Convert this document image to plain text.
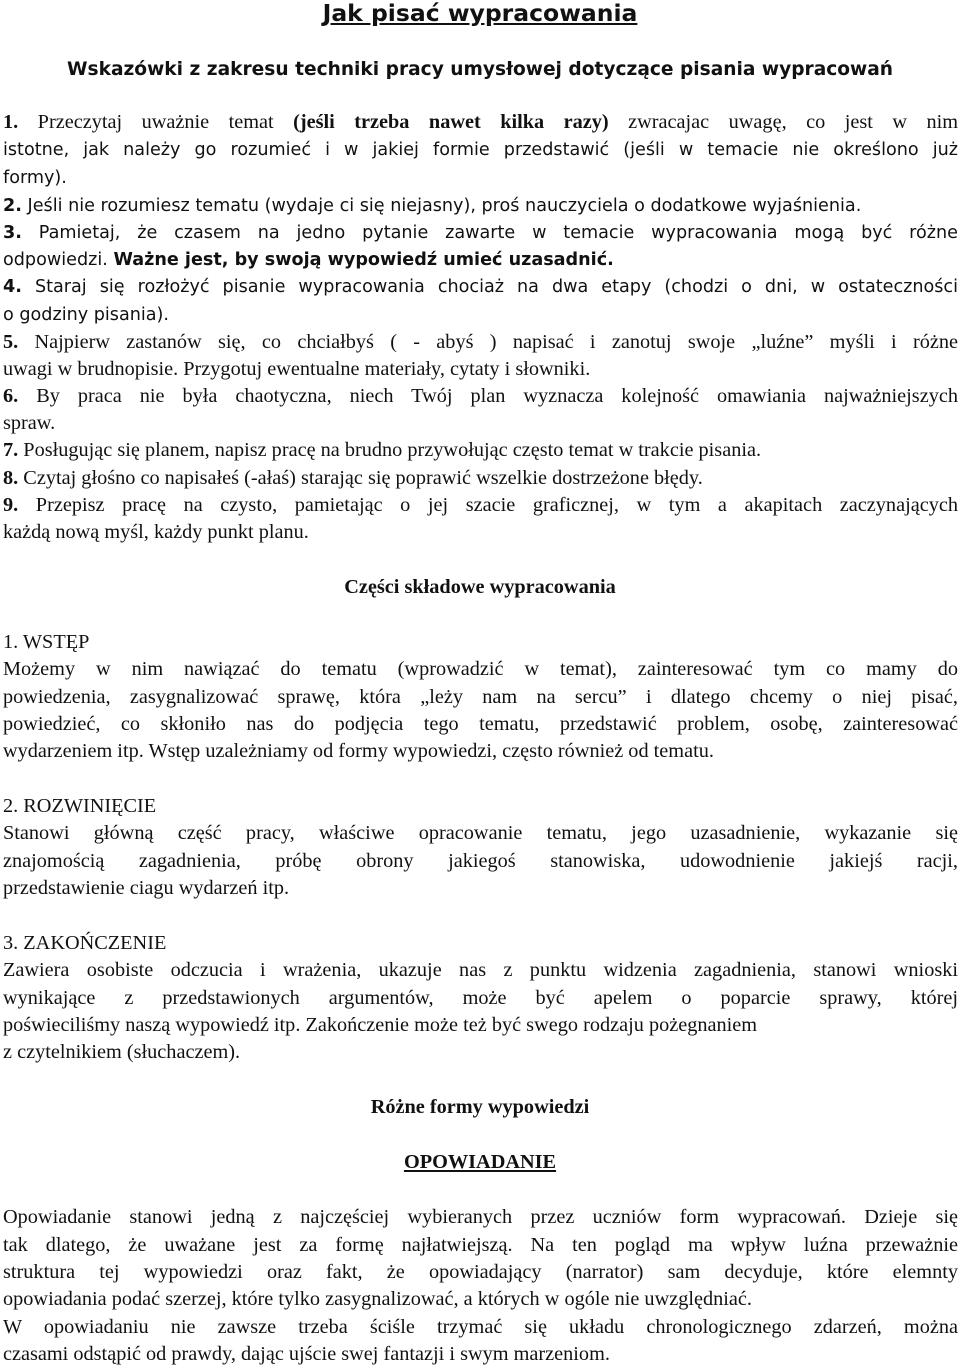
Jak pisać wypracowania
Wskazówki z zakresu techniki pracy umysłowej dotyczące pisania wypracowań
1. Przeczytaj uważnie temat (jeśli trzeba nawet kilka razy) zwracajac uwagę, co jest w nim
istotne, jak należy go rozumieć i w jakiej formie przedstawić (jeśli w temacie nie określono już
formy).
2. Jeśli nie rozumiesz tematu (wydaje ci się niejasny), proś nauczyciela o dodatkowe wyjaśnienia.
3. Pamietaj, że czasem na jedno pytanie zawarte w temacie wypracowania mogą być różne
odpowiedzi. Ważne jest, by swoją wypowiedź umieć uzasadnić.
4. Staraj się rozłożyć pisanie wypracowania chociaż na dwa etapy (chodzi o dni, w ostateczności
o godziny pisania).
5. Najpierw zastanów się, co chciałbyś ( - abyś ) napisać i zanotuj swoje „luźne” myśli i różne
uwagi w brudnopisie. Przygotuj ewentualne materiały, cytaty i słowniki.
6. By praca nie była chaotyczna, niech Twój plan wyznacza kolejność omawiania najważniejszych
spraw.
7. Posługując się planem, napisz pracę na brudno przywołując często temat w trakcie pisania.
8. Czytaj głośno co napisałeś (-ałaś) starając się poprawić wszelkie dostrzeżone błędy.
9. Przepisz pracę na czysto, pamietając o jej szacie graficznej, w tym a akapitach zaczynających
każdą nową myśl, każdy punkt planu.
Części składowe wypracowania
1. WSTĘP
Możemy w nim nawiązać do tematu (wprowadzić w temat), zainteresować tym co mamy do
powiedzenia, zasygnalizować sprawę, która „leży nam na sercu” i dlatego chcemy o niej pisać,
powiedzieć, co skłoniło nas do podjęcia tego tematu, przedstawić problem, osobę, zainteresować
wydarzeniem itp. Wstęp uzależniamy od formy wypowiedzi, często również od tematu.
2. ROZWINIĘCIE
Stanowi główną część pracy, właściwe opracowanie tematu, jego uzasadnienie, wykazanie się
znajomością zagadnienia, próbę obrony jakiegoś stanowiska, udowodnienie jakiejś racji,
przedstawienie ciagu wydarzeń itp.
3. ZAKOŃCZENIE
Zawiera osobiste odczucia i wrażenia, ukazuje nas z punktu widzenia zagadnienia, stanowi wnioski
wynikające z przedstawionych argumentów, może być apelem o poparcie sprawy, której
poświeciliśmy naszą wypowiedź itp. Zakończenie może też być swego rodzaju pożegnaniem
z czytelnikiem (słuchaczem).
Różne formy wypowiedzi
OPOWIADANIE
Opowiadanie stanowi jedną z najczęściej wybieranych przez uczniów form wypracowań. Dzieje się
tak dlatego, że uważane jest za formę najłatwiejszą. Na ten pogląd ma wpływ luźna przeważnie
struktura tej wypowiedzi oraz fakt, że opowiadający (narrator) sam decyduje, które elemnty
opowiadania podać szerzej, które tylko zasygnalizować, a których w ogóle nie uwzględniać.
W opowiadaniu nie zawsze trzeba ściśle trzymać się układu chronologicznego zdarzeń, można
czasami odstąpić od prawdy, dając ujście swej fantazji i swym marzeniom.
